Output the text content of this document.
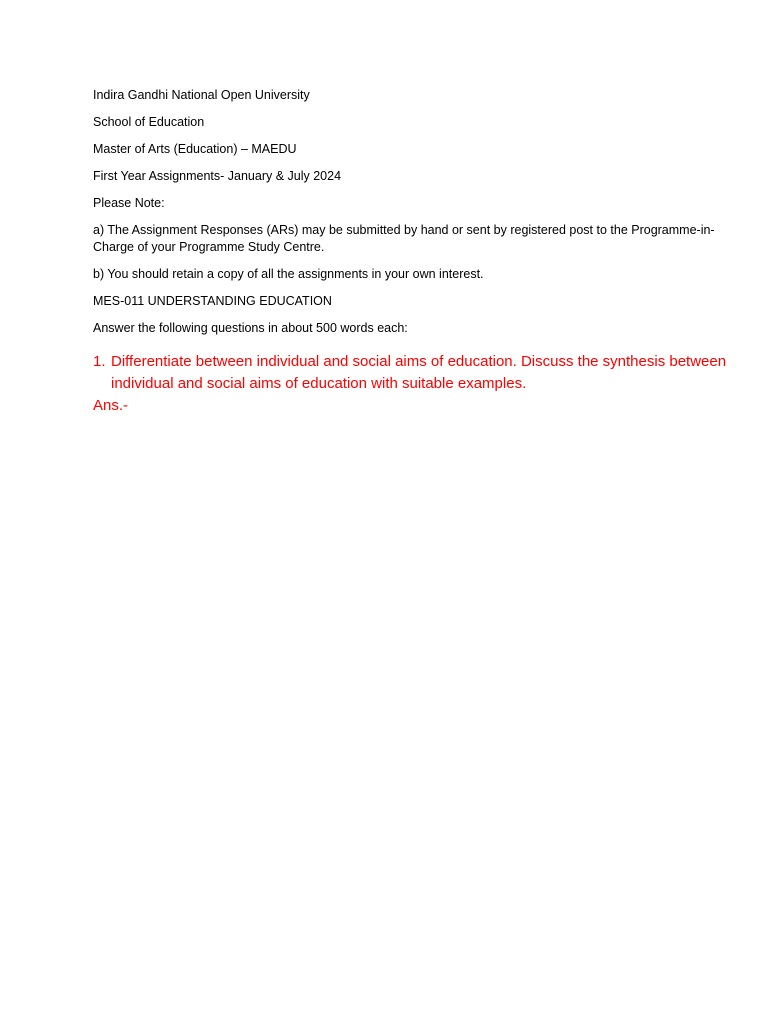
Indira Gandhi National Open University

School of Education

Master of Arts (Education) – MAEDU

First Year Assignments- January & July 2024

Please Note:

a) The Assignment Responses (ARs) may be submitted by hand or sent by registered post to the Programme-in-Charge of your Programme Study Centre.

b) You should retain a copy of all the assignments in your own interest.

MES-011 UNDERSTANDING EDUCATION

Answer the following questions in about 500 words each:

1. Differentiate between individual and social aims of education. Discuss the synthesis between individual and social aims of education with suitable examples.

Ans.-
